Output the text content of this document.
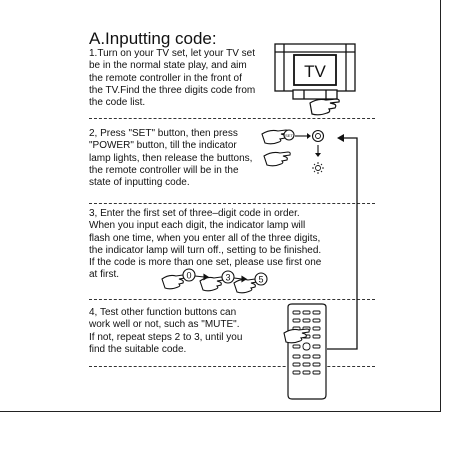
A.Inputting code:
1.Turn on your TV set, let your TV set
be in the normal state play, and aim
the remote controller in the front of
the TV.Find the three digits code from
the code list.
2, Press "SET" button, then press
"POWER" button, till the indicator
lamp lights, then release the buttons,
the remote controller will be in the
state of inputting code.
3, Enter the first set of three–digit code in order.
When you input each digit, the indicator lamp will
flash one time, when you enter all of the three digits,
the indicator lamp will turn off., setting to be finished.
If the code is more than one set, please use first one
at first.
4, Test other function buttons can
work well or not, such as "MUTE".
If not, repeat steps 2 to 3, until you
find the suitable code.
TV
SET
0	3	5
